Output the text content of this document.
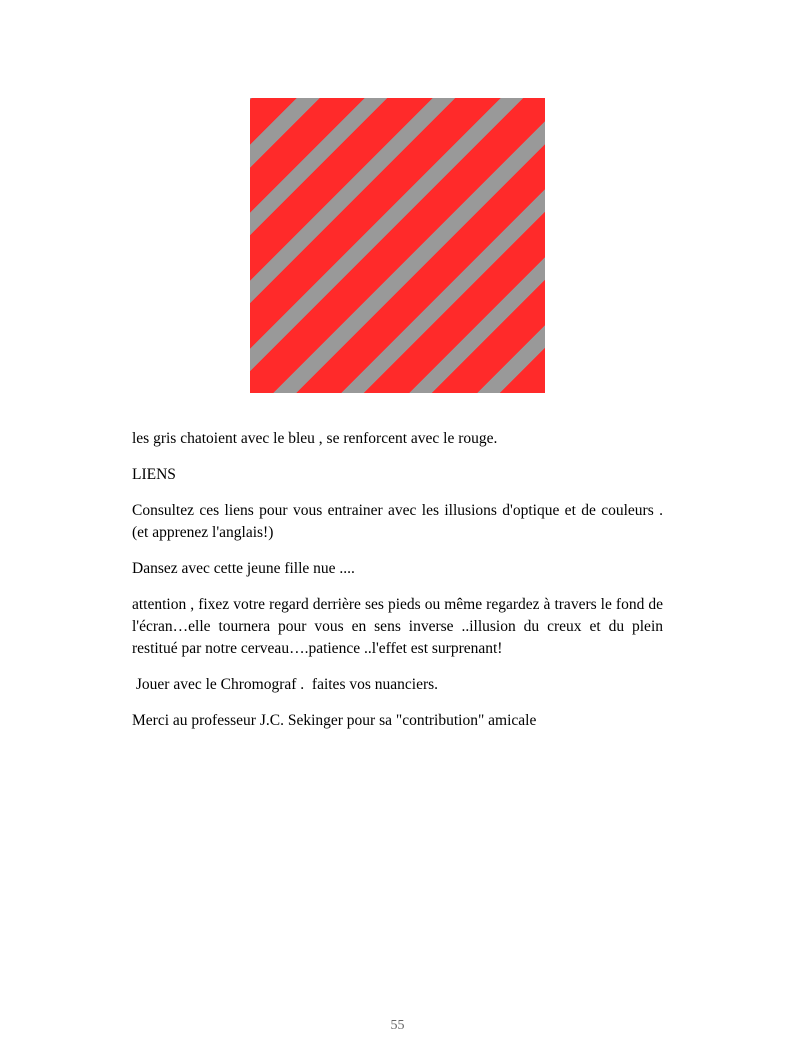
les gris chatoient avec le bleu , se renforcent avec le rouge.

LIENS

Consultez ces liens pour vous entrainer avec les illusions d'optique et de couleurs . (et apprenez l'anglais!)

Dansez avec cette jeune fille nue ....

attention , fixez votre regard derrière ses pieds ou même regardez à travers le fond de l'écran…elle tournera pour vous en sens inverse ..illusion du creux et du plein restitué par notre cerveau….patience ..l'effet est surprenant!

Jouer avec le Chromograf .  faites vos nuanciers.

Merci au professeur J.C. Sekinger pour sa "contribution" amicale

55
